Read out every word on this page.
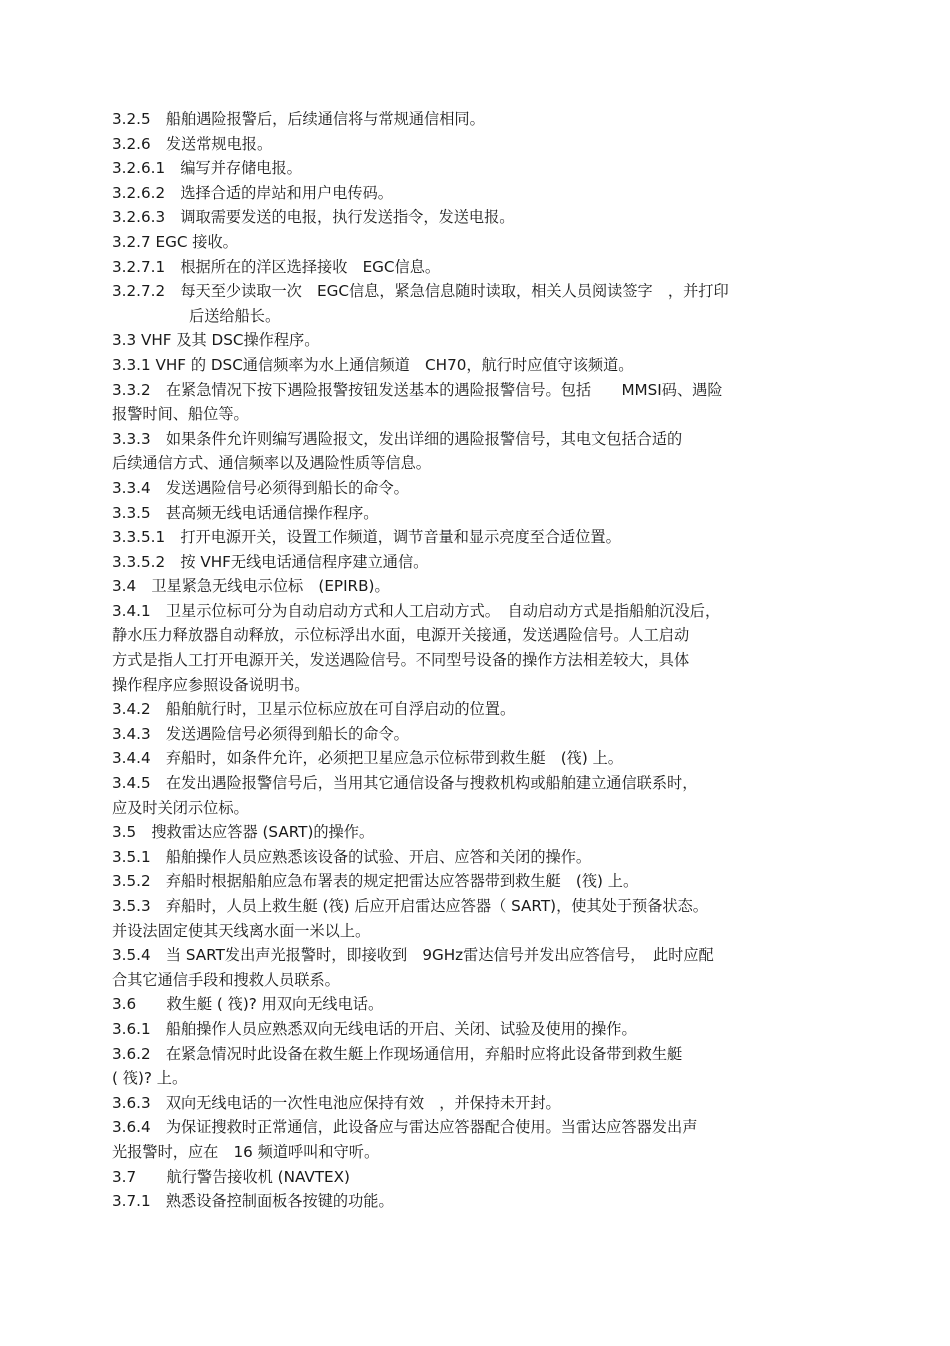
3.2.5　船舶遇险报警后，后续通信将与常规通信相同。
3.2.6　发送常规电报。
3.2.6.1　编写并存储电报。
3.2.6.2　选择合适的岸站和用户电传码。
3.2.6.3　调取需要发送的电报，执行发送指令，发送电报。
3.2.7 EGC 接收。
3.2.7.1　根据所在的洋区选择接收　EGC信息。
3.2.7.2　每天至少读取一次　EGC信息，紧急信息随时读取，相关人员阅读签字　，并打印
后送给船长。
3.3 VHF 及其 DSC操作程序。
3.3.1 VHF 的 DSC通信频率为水上通信频道　CH70，航行时应值守该频道。
3.3.2　在紧急情况下按下遇险报警按钮发送基本的遇险报警信号。包括　　MMSI码、遇险
报警时间、船位等。
3.3.3　如果条件允许则编写遇险报文，发出详细的遇险报警信号，其电文包括合适的
后续通信方式、通信频率以及遇险性质等信息。
3.3.4　发送遇险信号必须得到船长的命令。
3.3.5　甚高频无线电话通信操作程序。
3.3.5.1　打开电源开关，设置工作频道，调节音量和显示亮度至合适位置。
3.3.5.2　按 VHF无线电话通信程序建立通信。
3.4　卫星紧急无线电示位标　(EPIRB)。
3.4.1　卫星示位标可分为自动启动方式和人工启动方式。　自动启动方式是指船舶沉没后，
静水压力释放器自动释放，示位标浮出水面，电源开关接通，发送遇险信号。人工启动
方式是指人工打开电源开关，发送遇险信号。不同型号设备的操作方法相差较大，具体
操作程序应参照设备说明书。
3.4.2　船舶航行时，卫星示位标应放在可自浮启动的位置。
3.4.3　发送遇险信号必须得到船长的命令。
3.4.4　弃船时，如条件允许，必须把卫星应急示位标带到救生艇　(筏) 上。
3.4.5　在发出遇险报警信号后，当用其它通信设备与搜救机构或船舶建立通信联系时，
应及时关闭示位标。
3.5　搜救雷达应答器 (SART)的操作。
3.5.1　船舶操作人员应熟悉该设备的试验、开启、应答和关闭的操作。
3.5.2　弃船时根据船舶应急布署表的规定把雷达应答器带到救生艇　(筏) 上。
3.5.3　弃船时，人员上救生艇 (筏) 后应开启雷达应答器（ SART)，使其处于预备状态。
并设法固定使其天线离水面一米以上。
3.5.4　当 SART发出声光报警时，即接收到　9GHz雷达信号并发出应答信号，　此时应配
合其它通信手段和搜救人员联系。
3.6　　救生艇 ( 筏)? 用双向无线电话。
3.6.1　船舶操作人员应熟悉双向无线电话的开启、关闭、试验及使用的操作。
3.6.2　在紧急情况时此设备在救生艇上作现场通信用，弃船时应将此设备带到救生艇
( 筏)? 上。
3.6.3　双向无线电话的一次性电池应保持有效　，并保持未开封。
3.6.4　为保证搜救时正常通信，此设备应与雷达应答器配合使用。当雷达应答器发出声
光报警时，应在　16 频道呼叫和守听。
3.7　　航行警告接收机 (NAVTEX)
3.7.1　熟悉设备控制面板各按键的功能。
